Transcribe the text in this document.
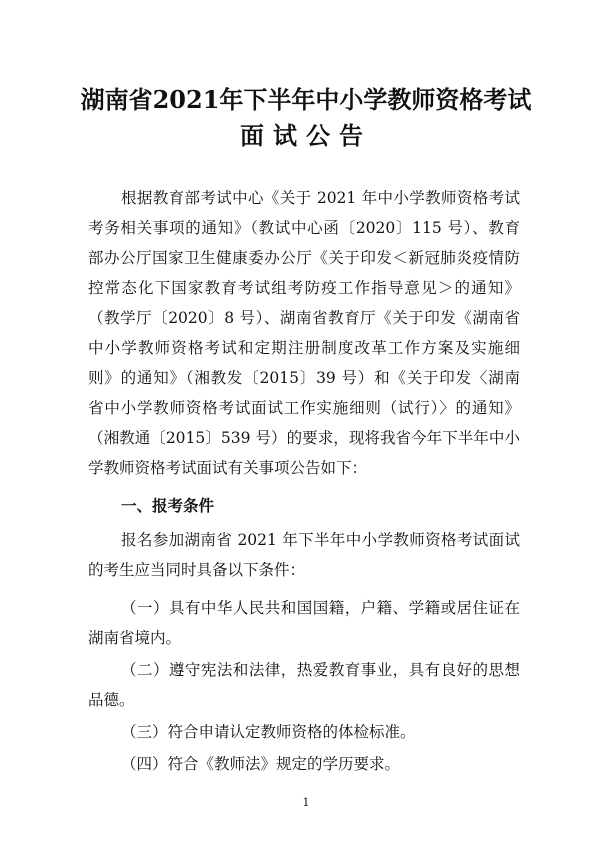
湖南省2021年下半年中小学教师资格考试
面试公告
根据教育部考试中心《关于 2021 年中小学教师资格考试
考务相关事项的通知》（教试中心函〔2020〕115 号）、教育
部办公厅国家卫生健康委办公厅《关于印发＜新冠肺炎疫情防
控常态化下国家教育考试组考防疫工作指导意见＞的通知》
（教学厅〔2020〕8 号）、湖南省教育厅《关于印发《湖南省
中小学教师资格考试和定期注册制度改革工作方案及实施细
则》的通知》（湘教发〔2015〕39 号）和《关于印发〈湖南
省中小学教师资格考试面试工作实施细则（试行）〉的通知》
（湘教通〔2015〕539 号）的要求，现将我省今年下半年中小
学教师资格考试面试有关事项公告如下：
一、报考条件
报名参加湖南省 2021 年下半年中小学教师资格考试面试
的考生应当同时具备以下条件：
（一）具有中华人民共和国国籍，户籍、学籍或居住证在
湖南省境内。
（二）遵守宪法和法律，热爱教育事业，具有良好的思想
品德。
（三）符合申请认定教师资格的体检标准。
（四）符合《教师法》规定的学历要求。
1
